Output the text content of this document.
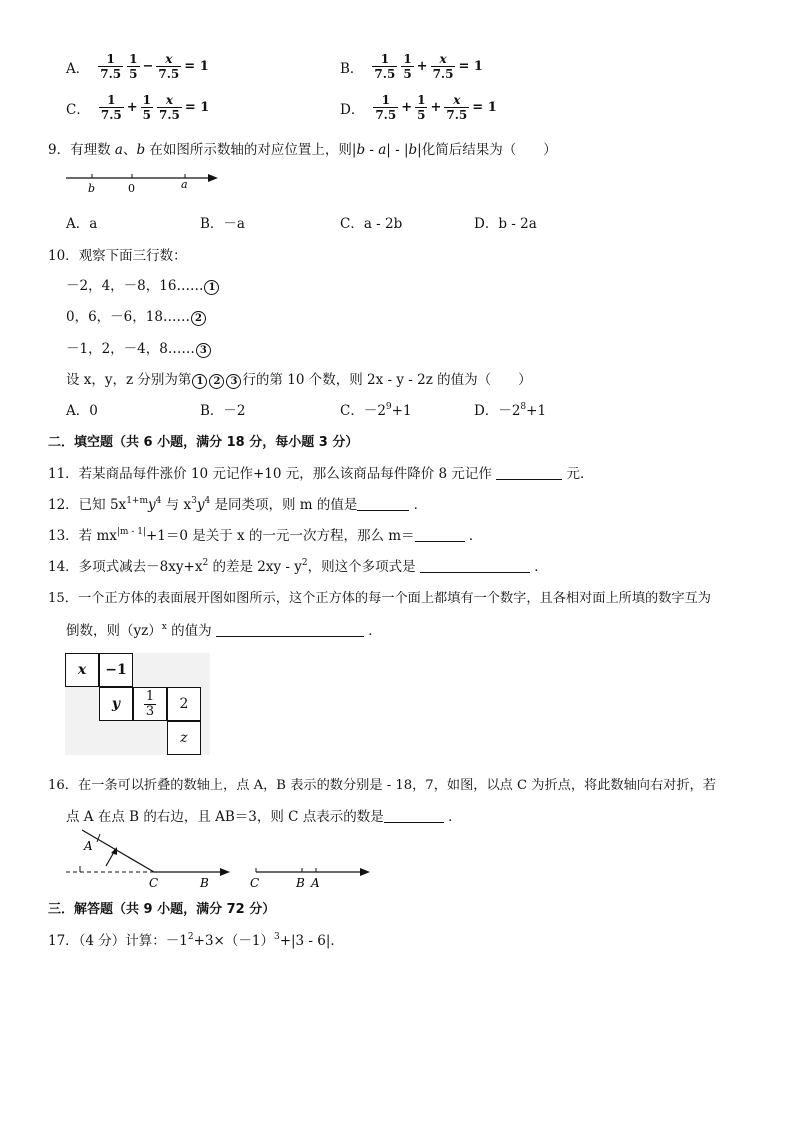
A． $\frac{1}{7.5} \frac{1}{5} - \frac{x}{7.5} = 1$	B． $\frac{1}{7.5} \frac{1}{5} + \frac{x}{7.5} = 1$
C． $\frac{1}{7.5} + \frac{1}{5} \frac{x}{7.5} = 1$	D． $\frac{1}{7.5} + \frac{1}{5} + \frac{x}{7.5} = 1$
9．有理数 a、b 在如图所示数轴的对应位置上，则|b - a| - |b|化简后结果为（　　）
b	0	a
A．a	B．－a	C．a - 2b	D．b - 2a
10．观察下面三行数：
－2，4，－8，16…… 1
0，6，－6，18…… 2
－1，2，－4，8…… 3
设 x，y，z 分别为第 1 2 3 行的第 10 个数，则 2x - y - 2z 的值为（　　）
A．0	B．－2	C．$-2^9+1$	D．$-2^8+1$
二．填空题（共 6 小题，满分 18 分，每小题 3 分）
11．若某商品每件涨价 10 元记作+10 元，那么该商品每件降价 8 元记作	元．
12．已知 $5x^{1+m}y^4$ 与 $x^3y^4$ 是同类项，则 m 的值是	．
13．若 $mx^{|m - 1|}+1=0$ 是关于 x 的一元一次方程，那么 m＝	．
14．多项式减去$-8xy+x^2$ 的差是 $2xy - y^2$，则这个多项式是	．
15．一个正方体的表面展开图如图所示，这个正方体的每一个面上都填有一个数字，且各相对面上所填的数字互为
倒数，则（yz）$^x$ 的值为	．
x	−1
y	$\frac{1}{3}$	2
z
16．在一条可以折叠的数轴上，点 A，B 表示的数分别是 - 18，7，如图，以点 C 为折点，将此数轴向右对折，若
点 A 在点 B 的右边，且 AB＝3，则 C 点表示的数是	．
A
C	B	C	B A
三．解答题（共 9 小题，满分 72 分）
17．（4 分）计算：$-1^2+3\times(-1)^3+|3 - 6|$．
